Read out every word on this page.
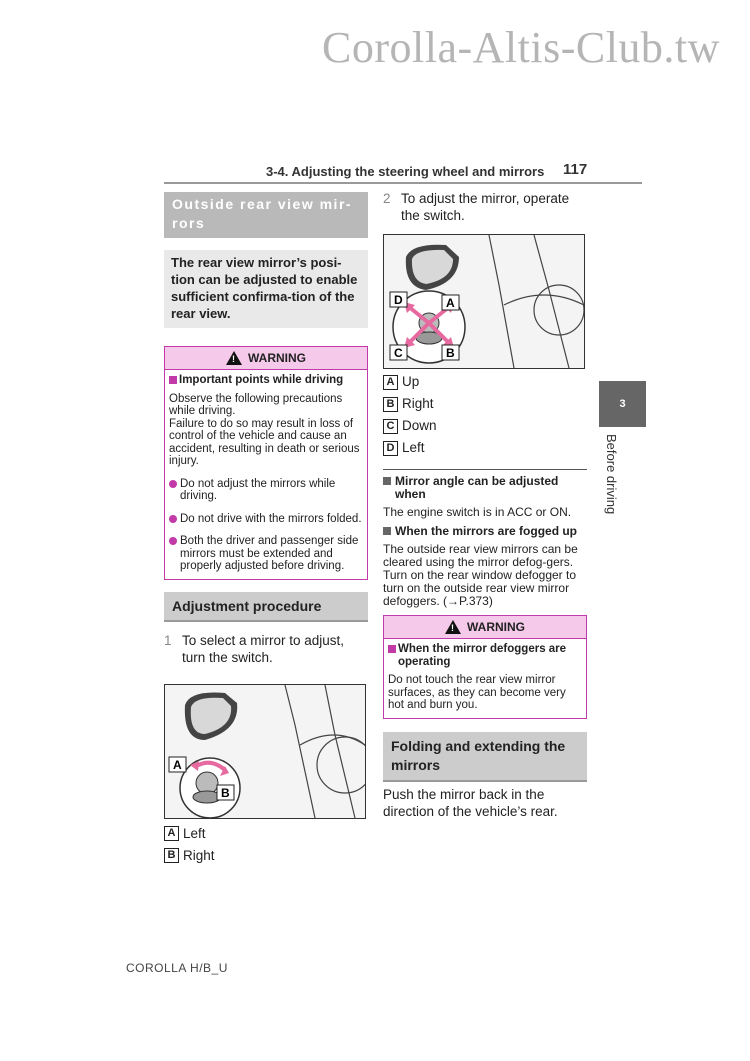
Corolla-Altis-Club.tw
3-4. Adjusting the steering wheel and mirrors 117
3
Before driving
Outside rear view mir-rors
The rear view mirror’s posi-tion can be adjusted to enable sufficient confirma-tion of the rear view.
! WARNING
Important points while driving

Observe the following precautions while driving.

Failure to do so may result in loss of control of the vehicle and cause an accident, resulting in death or serious injury.

Do not adjust the mirrors while driving.
Do not drive with the mirrors folded.
Both the driver and passenger side mirrors must be extended and properly adjusted before driving.
Adjustment procedure
1 To select a mirror to adjust, turn the switch.
A
B
A Left
B Right
2 To adjust the mirror, operate the switch.
D	A
C	B
A Up
B Right
C Down
D Left
Mirror angle can be adjusted when
The engine switch is in ACC or ON.
When the mirrors are fogged up
The outside rear view mirrors can be cleared using the mirror defog-gers. Turn on the rear window defogger to turn on the outside rear view mirror defoggers. (→P.373)
! WARNING
When the mirror defoggers are operating

Do not touch the rear view mirror surfaces, as they can become very hot and burn you.

Folding and extending the mirrors
Push the mirror back in the direction of the vehicle’s rear.
COROLLA H/B_U
